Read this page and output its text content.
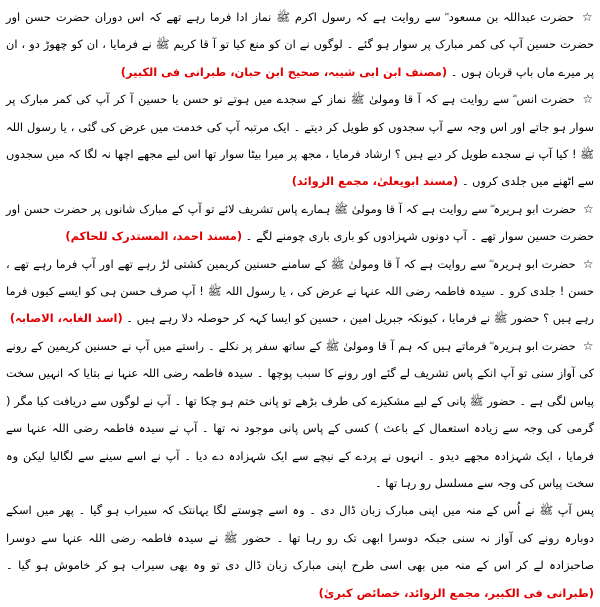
☆ حضرت عبداللہ بن مسعود ؓ سے روایت ہے کہ رسول اکرم ﷺ نماز ادا فرما رہے تھے کہ اس دوران حضرت حسن اور حضرت حسین آپ کی کمر مبارک پر سوار ہو گئے ۔ لوگوں نے ان کو منع کیا تو آ قا کریم ﷺ نے فرمایا ، ان کو چھوڑ دو ، ان پر میرے ماں باپ قربان ہوں ۔ (مصنف ابن ابی شیبہ، صحیح ابن حبان، طبرانی فی الکبیر)

☆ حضرت انس ؓ سے روایت ہے کہ آ قا ومولیٰ ﷺ نماز کے سجدے میں ہوتے تو حسن یا حسین آ کر آپ کی کمر مبارک پر سوار ہو جاتے اور اس وجہ سے آپ سجدوں کو طویل کر دیتے ۔ ایک مرتبہ آپ کی خدمت میں عرض کی گئی ، یا رسول اللہ ﷺ ! کیا آپ نے سجدے طویل کر دیے ہیں ؟ ارشاد فرمایا ، مجھ پر میرا بیٹا سوار تھا اس لیے مجھے اچھا نہ لگا کہ میں سجدوں سے اٹھنے میں جلدی کروں ۔ (مسند ابویعلیٰ، مجمع الزوائد)

☆ حضرت ابو ہریرہ ؓ سے روایت ہے کہ آ قا ومولیٰ ﷺ ہمارے پاس تشریف لائے تو آپ کے مبارک شانوں پر حضرت حسن اور حضرت حسین سوار تھے ۔ آپ دونوں شہزادوں کو باری باری چومنے لگے ۔ (مسند احمد، المستدرک للحاکم)

☆ حضرت ابو ہریرہ ؓ سے روایت ہے کہ آ قا ومولیٰ ﷺ کے سامنے حسنین کریمین کشتی لڑ رہے تھے اور آپ فرما رہے تھے ، حسن ! جلدی کرو ۔ سیدہ فاطمہ رضی اللہ عنہا نے عرض کی ، یا رسول اللہ ﷺ ! آپ صرف حسن ہی کو ایسے کیوں فرما رہے ہیں ؟ حضور ﷺ نے فرمایا ، کیونکہ جبریل امین ، حسین کو ایسا کہہ کر حوصلہ دلا رہے ہیں ۔ (اسد الغابہ، الاصابہ)

☆ حضرت ابو ہریرہ ؓ فرماتے ہیں کہ ہم آ قا ومولیٰ ﷺ کے ساتھ سفر پر نکلے ۔ راستے میں آپ نے حسنین کریمین کے رونے کی آواز سنی تو آپ انکے پاس تشریف لے گئے اور رونے کا سبب پوچھا ۔ سیدہ فاطمہ رضی اللہ عنہا نے بتایا کہ انہیں سخت پیاس لگی ہے ۔ حضور ﷺ پانی کے لیے مشکیزے کی طرف بڑھے تو پانی ختم ہو چکا تھا ۔ آپ نے لوگوں سے دریافت کیا مگر ( گرمی کی وجہ سے زیادہ استعمال کے باعث ) کسی کے پاس پانی موجود نہ تھا ۔ آپ نے سیدہ فاطمہ رضی اللہ عنہا سے فرمایا ، ایک شہزادہ مجھے دیدو ۔ انہوں نے پردے کے نیچے سے ایک شہزادہ دے دیا ۔ آپ نے اسے سینے سے لگالیا لیکن وہ سخت پیاس کی وجہ سے مسلسل رو رہا تھا ۔

پس آپ ﷺ نے اُس کے منہ میں اپنی مبارک زبان ڈال دی ۔ وہ اسے چوستے لگا یہانتک کہ سیراب ہو گیا ۔ پھر میں اسکے دوبارہ رونے کی آواز نہ سنی جبکہ دوسرا ابھی تک رو رہا تھا ۔ حضور ﷺ نے سیدہ فاطمہ رضی اللہ عنہا سے دوسرا صاحبزادہ لے کر اس کے منہ میں بھی اسی طرح اپنی مبارک زبان ڈال دی تو وہ بھی سیراب ہو کر خاموش ہو گیا ۔ (طبرانی فی الکبیر، مجمع الزوائد، خصائص کبریٰ)
